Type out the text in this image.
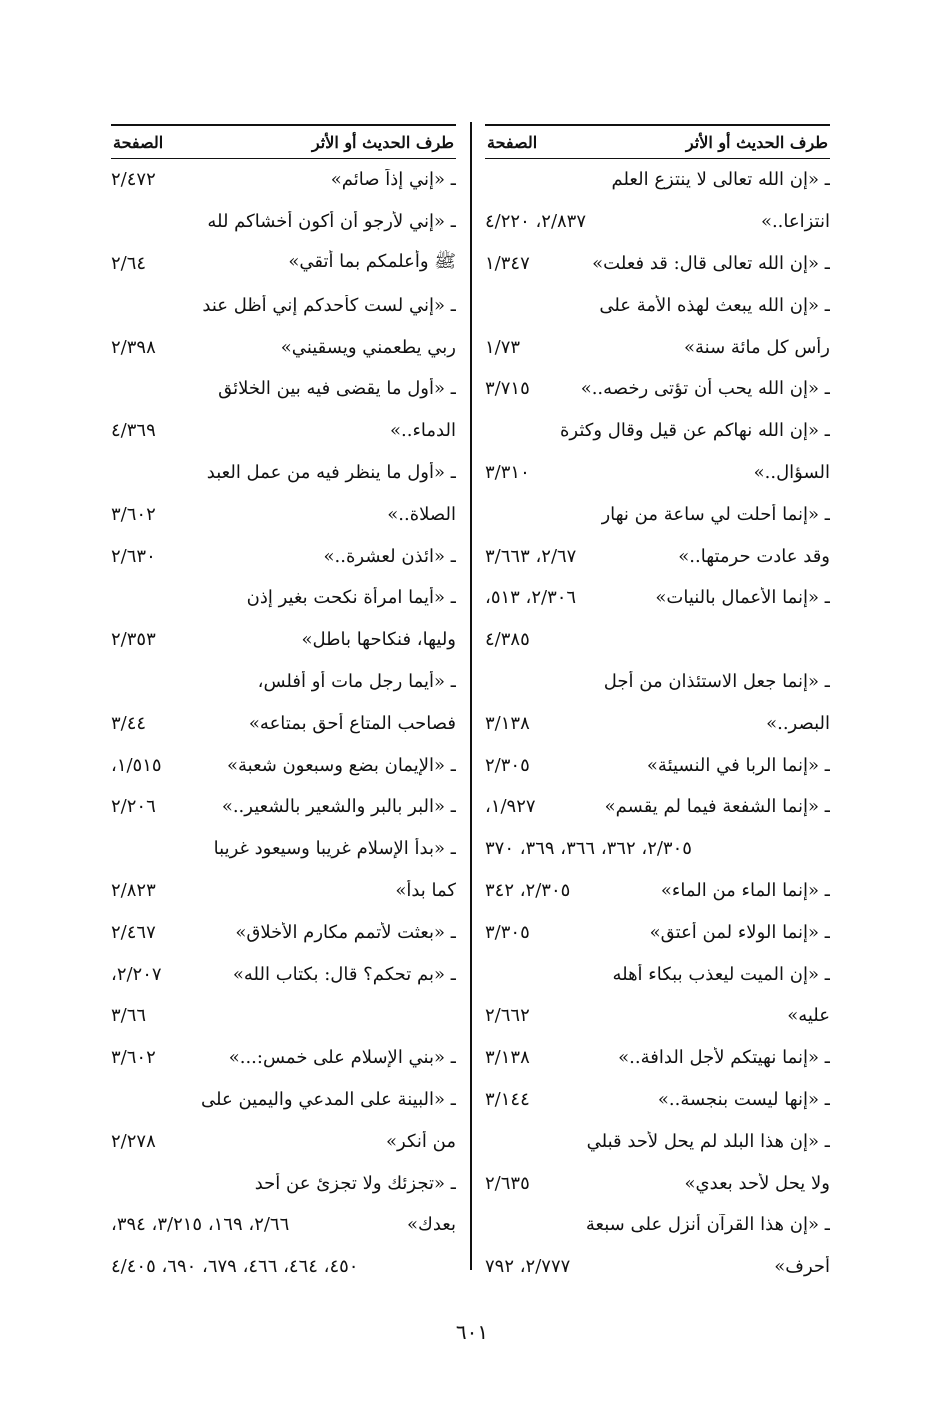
طرف الحديث أو الأثر
الصفحة
ـ «إن الله تعالى لا ينتزع العلم
انتزاعا..»
٢/٨٣٧، ٤/٢٢٠
ـ «إن الله تعالى قال: قد فعلت»
١/٣٤٧
ـ «إن الله يبعث لهذه الأمة على
رأس كل مائة سنة»
١/٧٣
ـ «إن الله يحب أن تؤتى رخصه..»
٣/٧١٥
ـ «إن الله نهاكم عن قيل وقال وكثرة
السؤال..»
٣/٣١٠
ـ «إنما أحلت لي ساعة من نهار
وقد عادت حرمتها..»
٢/٦٧، ٣/٦٦٣
ـ «إنما الأعمال بالنيات»
٢/٣٠٦، ٥١٣،
٤/٣٨٥
ـ «إنما جعل الاستئذان من أجل
البصر..»
٣/١٣٨
ـ «إنما الربا في النسيئة»
٢/٣٠٥
ـ «إنما الشفعة فيما لم يقسم»
١/٩٢٧،
٢/٣٠٥، ٣٦٢، ٣٦٦، ٣٦٩، ٣٧٠
ـ «إنما الماء من الماء»
٢/٣٠٥، ٣٤٢
ـ «إنما الولاء لمن أعتق»
٣/٣٠٥
ـ «إن الميت ليعذب ببكاء أهله
عليه»
٢/٦٦٢
ـ «إنما نهيتكم لأجل الدافة..»
٣/١٣٨
ـ «إنها ليست بنجسة..»
٣/١٤٤
ـ «إن هذا البلد لم يحل لأحد قبلي
ولا يحل لأحد بعدي»
٢/٦٣٥
ـ «إن هذا القرآن أنزل على سبعة
أحرف»
٢/٧٧٧، ٧٩٢
طرف الحديث أو الأثر
الصفحة
ـ «إني إذاً صائم»
٢/٤٧٢
ـ «إني لأرجو أن أكون أخشاكم لله
ﷺ وأعلمكم بما أتقي»
٢/٦٤
ـ «إني لست كأحدكم إني أظل عند
ربي يطعمني ويسقيني»
٢/٣٩٨
ـ «أول ما يقضى فيه بين الخلائق
الدماء..»
٤/٣٦٩
ـ «أول ما ينظر فيه من عمل العبد
الصلاة..»
٣/٦٠٢
ـ «ائذن لعشرة..»
٢/٦٣٠
ـ «أيما امرأة نكحت بغير إذن
وليها، فنكاحها باطل»
٢/٣٥٣
ـ «أيما رجل مات أو أفلس،
فصاحب المتاع أحق بمتاعه»
٣/٤٤
ـ «الإيمان بضع وسبعون شعبة»
١/٥١٥،
ـ «البر بالبر والشعير بالشعير..»
٢/٢٠٦
ـ «بدأ الإسلام غريبا وسيعود غريبا
كما بدأ»
٢/٨٢٣
ـ «بعثت لأتمم مكارم الأخلاق»
٢/٤٦٧
ـ «بم تحكم؟ قال: بكتاب الله»
٢/٢٠٧،
٣/٦٦
ـ «بني الإسلام على خمس:...»
٣/٦٠٢
ـ «البينة على المدعي واليمين على
من أنكر»
٢/٢٧٨
ـ «تجزئك ولا تجزئ عن أحد
بعدك»
٢/٦٦، ١٦٩، ٣/٢١٥، ٣٩٤،
٤٥٠، ٤٦٤، ٤٦٦، ٦٧٩، ٦٩٠، ٤/٤٠٥
٦٠١
